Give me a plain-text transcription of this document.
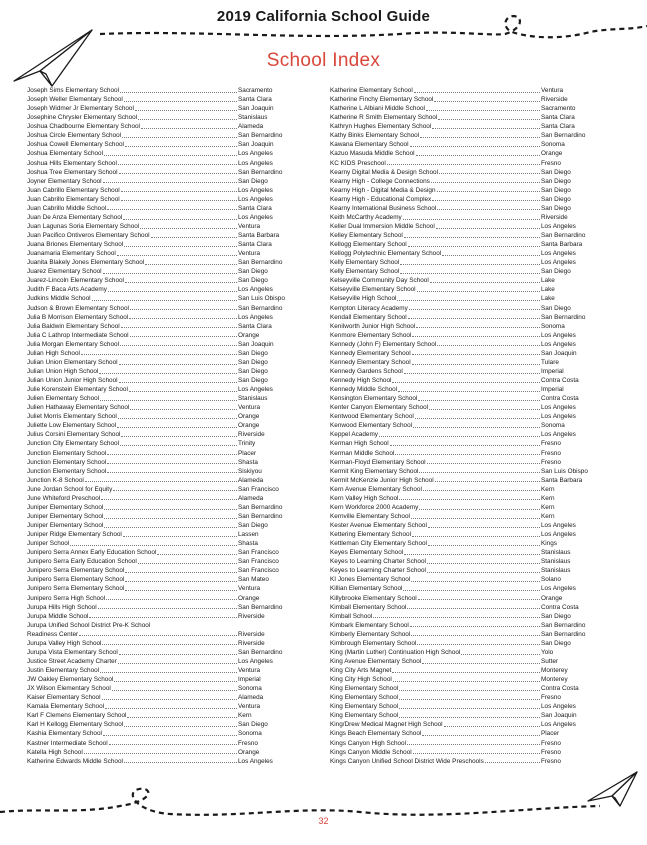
2019 California School Guide
School Index
Joseph Sims Elementary School	Sacramento
Joseph Weller Elementary School	Santa Clara
Joseph Widmer Jr Elementary School	San Joaquin
Josephine Chrysler Elementary School	Stanislaus
Joshua Chadbourne Elementary School	Alameda
Joshua Circle Elementary School	San Bernardino
Joshua Cowell Elementary School	San Joaquin
Joshua Elementary School	Los Angeles
Joshua Hills Elementary School	Los Angeles
Joshua Tree Elementary School	San Bernardino
Joyner Elementary School	San Diego
Juan Cabrillo Elementary School	Los Angeles
Juan Cabrillo Elementary School	Los Angeles
Juan Cabrillo Middle School	Santa Clara
Juan De Anza Elementary School	Los Angeles
Juan Lagunas Soria Elementary School	Ventura
Juan Pacifico Ontiveros Elementary School	Santa Barbara
Juana Briones Elementary School	Santa Clara
Juanamaria Elementary School	Ventura
Juanita Blakely Jones Elementary School	San Bernardino
Juarez Elementary School	San Diego
Juarez-Lincoln Elementary School	San Diego
Judith F Baca Arts Academy	Los Angeles
Judkins Middle School	San Luis Obispo
Judson & Brown Elementary School	San Bernardino
Julia B Morrison Elementary School	Los Angeles
Julia Baldwin Elementary School	Santa Clara
Julia C Lathrop Intermediate School	Orange
Julia Morgan Elementary School	San Joaquin
Julian High School	San Diego
Julian Union Elementary School	San Diego
Julian Union High School	San Diego
Julian Union Junior High School	San Diego
Julie Korenstein Elementary School	Los Angeles
Julien Elementary School	Stanislaus
Julien Hathaway Elementary School	Ventura
Juliet Morris Elementary School	Orange
Juliette Low Elementary School	Orange
Julius Corsini Elementary School	Riverside
Junction City Elementary School	Trinity
Junction Elementary School	Placer
Junction Elementary School	Shasta
Junction Elementary School	Siskiyou
Junction K-8 School	Alameda
June Jordan School for Equity	San Francisco
June Whiteford Preschool	Alameda
Juniper Elementary School	San Bernardino
Juniper Elementary School	San Bernardino
Juniper Elementary School	San Diego
Juniper Ridge Elementary School	Lassen
Juniper School	Shasta
Junipero Serra Annex Early Education School	San Francisco
Junipero Serra Early Education School	San Francisco
Junipero Serra Elementary School	San Francisco
Junipero Serra Elementary School	San Mateo
Junipero Serra Elementary School	Ventura
Junipero Serra High School	Orange
Jurupa Hills High School	San Bernardino
Jurupa Middle School	Riverside
Jurupa Unified School District Pre-K School
Readiness Center	Riverside
Jurupa Valley High School	Riverside
Jurupa Vista Elementary School	San Bernardino
Justice Street Academy Charter	Los Angeles
Justin Elementary School	Ventura
JW Oakley Elementary School	Imperial
JX Wilson Elementary School	Sonoma
Kaiser Elementary School	Alameda
Kamala Elementary School	Ventura
Karl F Clemens Elementary School	Kern
Karl H Kellogg Elementary School	San Diego
Kashia Elementary School	Sonoma
Kastner Intermediate School	Fresno
Katella High School	Orange
Katherine Edwards Middle School	Los Angeles
Katherine Elementary School	Ventura
Katherine Finchy Elementary School	Riverside
Katherine L Albiani Middle School	Sacramento
Katherine R Smith Elementary School	Santa Clara
Kathryn Hughes Elementary School	Santa Clara
Kathy Binks Elementary School	San Bernardino
Kawana Elementary School	Sonoma
Kazuo Masuda Middle School	Orange
KC KIDS Preschool	Fresno
Kearny Digital Media & Design School	San Diego
Kearny High - College Connections	San Diego
Kearny High - Digital Media & Design	San Diego
Kearny High - Educational Complex	San Diego
Kearny International Business School	San Diego
Keith McCarthy Academy	Riverside
Keller Dual Immersion Middle School	Los Angeles
Kelley Elementary School	San Bernardino
Kellogg Elementary School	Santa Barbara
Kellogg Polytechnic Elementary School	Los Angeles
Kelly Elementary School	Los Angeles
Kelly Elementary School	San Diego
Kelseyville Community Day School	Lake
Kelseyville Elementary School	Lake
Kelseyville High School	Lake
Kempton Literacy Academy	San Diego
Kendall Elementary School	San Bernardino
Kenilworth Junior High School	Sonoma
Kenmore Elementary School	Los Angeles
Kennedy (John F) Elementary School	Los Angeles
Kennedy Elementary School	San Joaquin
Kennedy Elementary School	Tulare
Kennedy Gardens School	Imperial
Kennedy High School	Contra Costa
Kennedy Middle School	Imperial
Kensington Elementary School	Contra Costa
Kenter Canyon Elementary School	Los Angeles
Kentwood Elementary School	Los Angeles
Kenwood Elementary School	Sonoma
Keppel Academy	Los Angeles
Kerman High School	Fresno
Kerman Middle School	Fresno
Kerman-Floyd Elementary School	Fresno
Kermit King Elementary School	San Luis Obispo
Kermit McKenzie Junior High School	Santa Barbara
Kern Avenue Elementary School	Kern
Kern Valley High School	Kern
Kern Workforce 2000 Academy	Kern
Kernville Elementary School	Kern
Kester Avenue Elementary School	Los Angeles
Kettering Elementary School	Los Angeles
Kettleman City Elementary School	Kings
Keyes Elementary School	Stanislaus
Keyes to Learning Charter School	Stanislaus
Keyes to Learning Charter School	Stanislaus
KI Jones Elementary School	Solano
Killian Elementary School	Los Angeles
Killybrooke Elementary School	Orange
Kimball Elementary School	Contra Costa
Kimball School	San Diego
Kimbark Elementary School	San Bernardino
Kimberly Elementary School	San Bernardino
Kimbrough Elementary School	San Diego
King (Martin Luther) Continuation High School	Yolo
King Avenue Elementary School	Sutter
King City Arts Magnet	Monterey
King City High School	Monterey
King Elementary School	Contra Costa
King Elementary School	Fresno
King Elementary School	Los Angeles
King Elementary School	San Joaquin
King/Drew Medical Magnet High School	Los Angeles
Kings Beach Elementary School	Placer
Kings Canyon High School	Fresno
Kings Canyon Middle School	Fresno
Kings Canyon Unified School District Wide Preschools	Fresno
32
